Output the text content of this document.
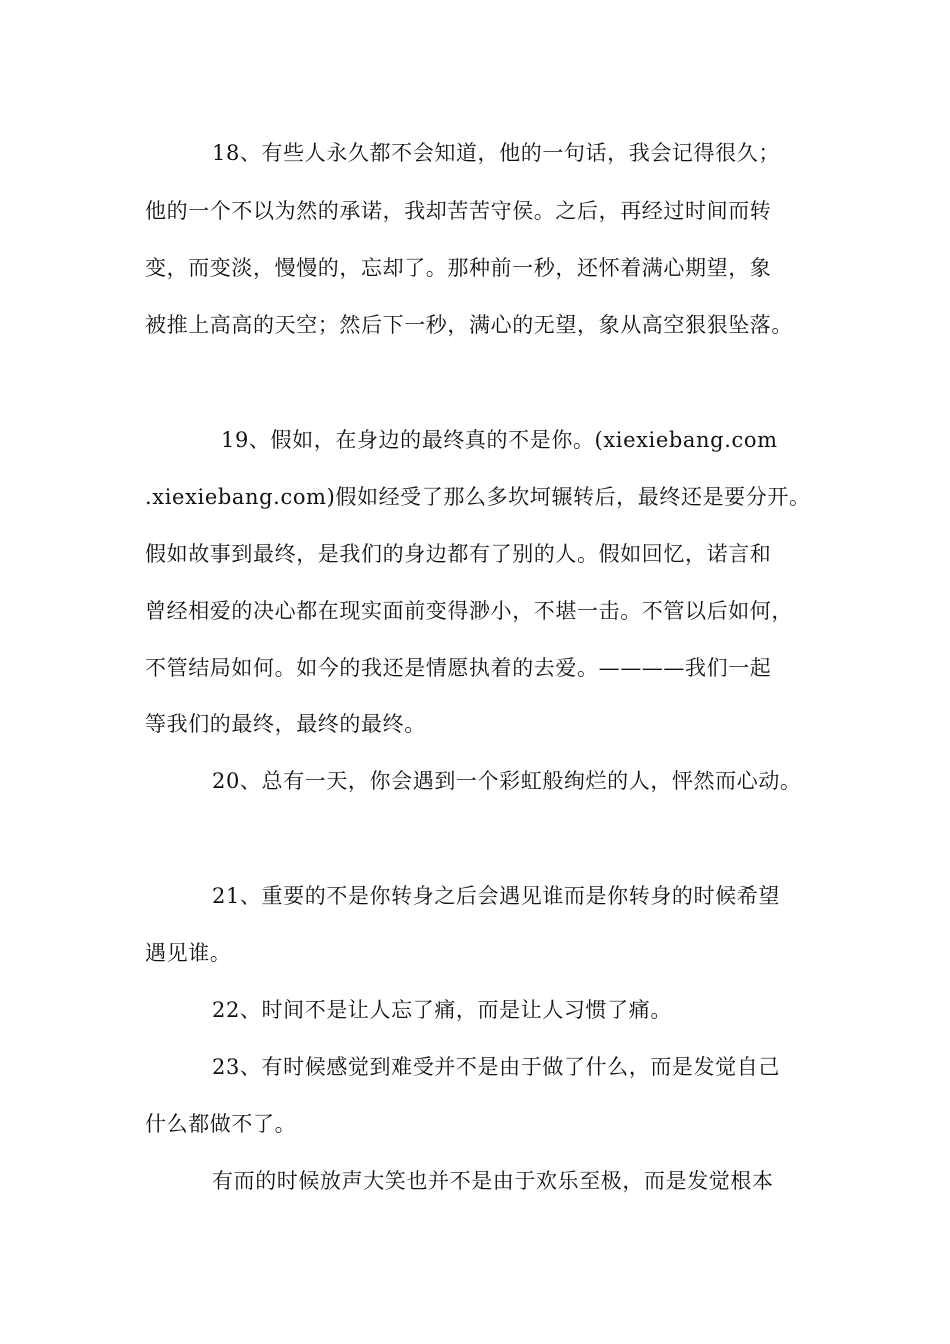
18、有些人永久都不会知道，他的一句话，我会记得很久；
他的一个不以为然的承诺，我却苦苦守侯。之后，再经过时间而转
变，而变淡，慢慢的，忘却了。那种前一秒，还怀着满心期望，象
被推上高高的天空；然后下一秒，满心的无望，象从高空狠狠坠落。
19、假如，在身边的最终真的不是你。(xiexiebang.com
.xiexiebang.com)假如经受了那么多坎坷辗转后，最终还是要分开。
假如故事到最终，是我们的身边都有了别的人。假如回忆，诺言和
曾经相爱的决心都在现实面前变得渺小，不堪一击。不管以后如何，
不管结局如何。如今的我还是情愿执着的去爱。————我们一起
等我们的最终，最终的最终。
20、总有一天，你会遇到一个彩虹般绚烂的人，怦然而心动。
21、重要的不是你转身之后会遇见谁而是你转身的时候希望
遇见谁。
22、时间不是让人忘了痛，而是让人习惯了痛。
23、有时候感觉到难受并不是由于做了什么，而是发觉自己
什么都做不了。
有而的时候放声大笑也并不是由于欢乐至极，而是发觉根本
